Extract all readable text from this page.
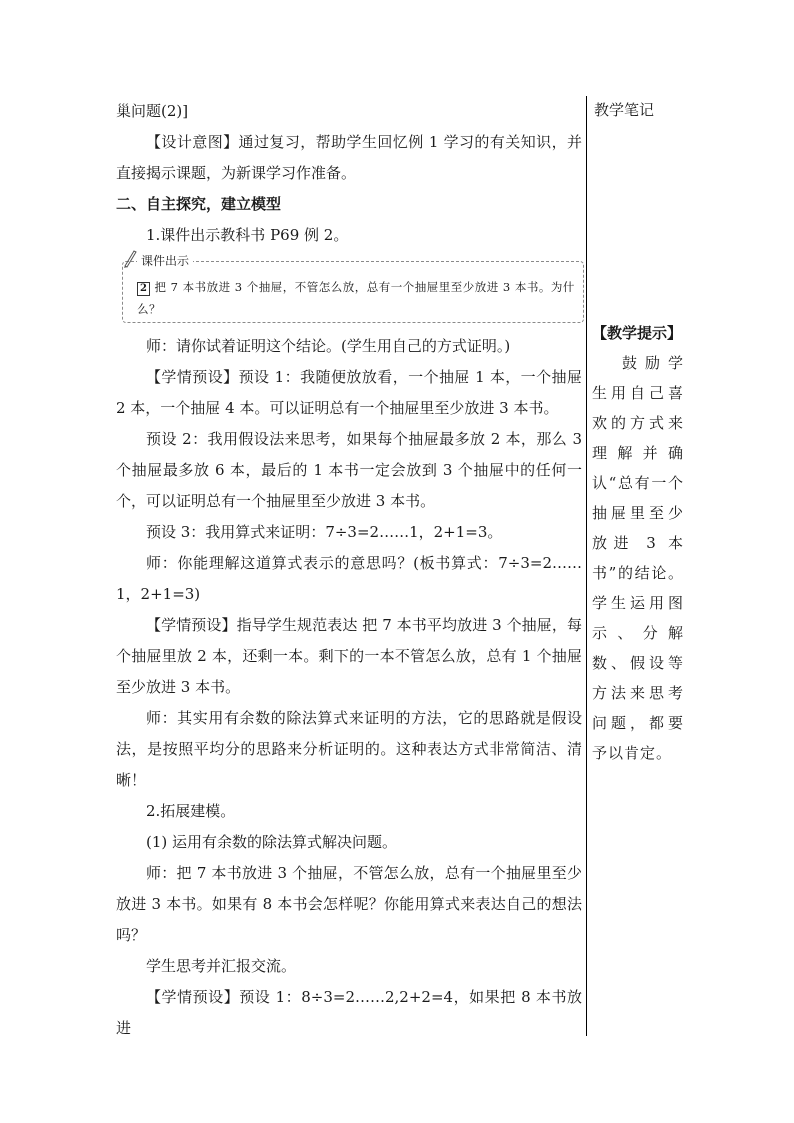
巢问题(2)]

【设计意图】通过复习，帮助学生回忆例 1 学习的有关知识，并直接揭示课题，为新课学习作准备。

二、自主探究，建立模型

1.课件出示教科书 P69 例 2。

课件出示
2 把 7 本书放进 3 个抽屉，不管怎么放，总有一个抽屉里至少放进 3 本书。为什么？

师：请你试着证明这个结论。(学生用自己的方式证明。)

【学情预设】预设 1：我随便放放看，一个抽屉 1 本，一个抽屉 2 本，一个抽屉 4 本。可以证明总有一个抽屉里至少放进 3 本书。

预设 2：我用假设法来思考，如果每个抽屉最多放 2 本，那么 3 个抽屉最多放 6 本，最后的 1 本书一定会放到 3 个抽屉中的任何一个，可以证明总有一个抽屉里至少放进 3 本书。

预设 3：我用算式来证明：7÷3=2……1，2+1=3。

师：你能理解这道算式表示的意思吗？(板书算式：7÷3=2……1，2+1=3)

【学情预设】指导学生规范表达 把 7 本书平均放进 3 个抽屉，每个抽屉里放 2 本，还剩一本。剩下的一本不管怎么放，总有 1 个抽屉至少放进 3 本书。

师：其实用有余数的除法算式来证明的方法，它的思路就是假设法，是按照平均分的思路来分析证明的。这种表达方式非常简洁、清晰！

2.拓展建模。

(1) 运用有余数的除法算式解决问题。

师：把 7 本书放进 3 个抽屉，不管怎么放，总有一个抽屉里至少放进 3 本书。如果有 8 本书会怎样呢？你能用算式来表达自己的想法吗？

学生思考并汇报交流。

【学情预设】预设 1：8÷3=2……2,2+2=4，如果把 8 本书放进

教学笔记
【教学提示】
鼓励学生用自己喜欢的方式来理解并确认“总有一个抽屉里至少放进 3 本书”的结论。学生运用图示、分解数、假设等方法来思考问题，都要予以肯定。
